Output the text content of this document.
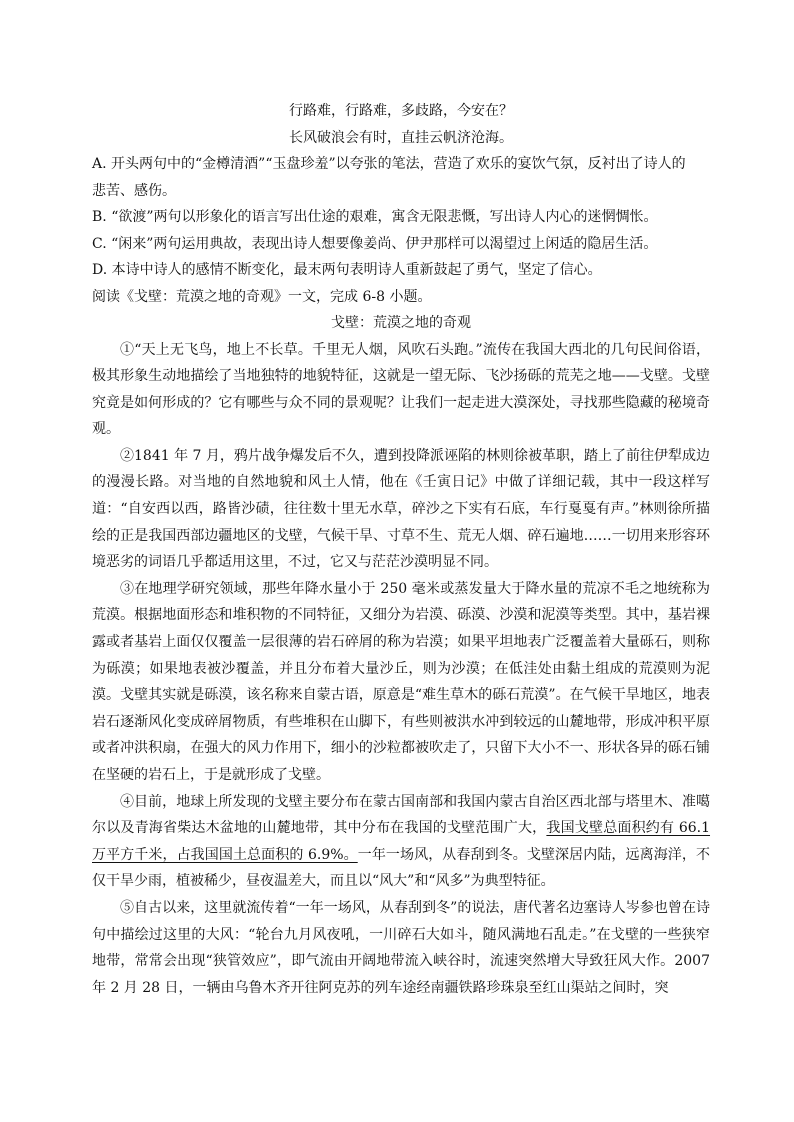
行路难，行路难，多歧路，今安在？

长风破浪会有时，直挂云帆济沧海。

A. 开头两句中的“金樽清酒”“玉盘珍羞”以夸张的笔法，营造了欢乐的宴饮气氛，反衬出了诗人的

悲苦、感伤。

B. “欲渡”两句以形象化的语言写出仕途的艰难，寓含无限悲慨，写出诗人内心的迷惘惆怅。

C. “闲来”两句运用典故，表现出诗人想要像姜尚、伊尹那样可以渴望过上闲适的隐居生活。

D. 本诗中诗人的感情不断变化，最末两句表明诗人重新鼓起了勇气，坚定了信心。

阅读《戈壁：荒漠之地的奇观》一文，完成 6-8 小题。

戈壁：荒漠之地的奇观

①“天上无飞鸟，地上不长草。千里无人烟，风吹石头跑。”流传在我国大西北的几句民间俗语，极其形象生动地描绘了当地独特的地貌特征，这就是一望无际、飞沙扬砾的荒芜之地——戈壁。戈壁究竟是如何形成的？它有哪些与众不同的景观呢？让我们一起走进大漠深处，寻找那些隐藏的秘境奇观。

②1841 年 7 月，鸦片战争爆发后不久，遭到投降派诬陷的林则徐被革职，踏上了前往伊犁成边的漫漫长路。对当地的自然地貌和风土人情，他在《壬寅日记》中做了详细记载，其中一段这样写道：“自安西以西，路皆沙碛，往往数十里无水草，碎沙之下实有石底，车行戛戛有声。”林则徐所描绘的正是我国西部边疆地区的戈壁，气候干旱、寸草不生、荒无人烟、碎石遍地……一切用来形容环境恶劣的词语几乎都适用这里，不过，它又与茫茫沙漠明显不同。

③在地理学研究领域，那些年降水量小于 250 毫米或蒸发量大于降水量的荒凉不毛之地统称为荒漠。根据地面形态和堆积物的不同特征，又细分为岩漠、砾漠、沙漠和泥漠等类型。其中，基岩裸露或者基岩上面仅仅覆盖一层很薄的岩石碎屑的称为岩漠；如果平坦地表广泛覆盖着大量砾石，则称为砾漠；如果地表被沙覆盖，并且分布着大量沙丘，则为沙漠；在低洼处由黏土组成的荒漠则为泥漠。戈壁其实就是砾漠，该名称来自蒙古语，原意是“难生草木的砾石荒漠”。在气候干旱地区，地表岩石逐渐风化变成碎屑物质，有些堆积在山脚下，有些则被洪水冲到较远的山麓地带，形成冲积平原或者冲洪积扇，在强大的风力作用下，细小的沙粒都被吹走了，只留下大小不一、形状各异的砾石铺在坚硬的岩石上，于是就形成了戈壁。

④目前，地球上所发现的戈壁主要分布在蒙古国南部和我国内蒙古自治区西北部与塔里木、准噶尔以及青海省柴达木盆地的山麓地带，其中分布在我国的戈壁范围广大，我国戈壁总面积约有 66.1 万平方千米，占我国国土总面积的 6.9%。一年一场风，从春刮到冬。戈壁深居内陆，远离海洋，不仅干旱少雨，植被稀少，昼夜温差大，而且以“风大”和“风多”为典型特征。

⑤自古以来，这里就流传着“一年一场风，从春刮到冬”的说法，唐代著名边塞诗人岑参也曾在诗句中描绘过这里的大风：“轮台九月风夜吼，一川碎石大如斗，随风满地石乱走。”在戈壁的一些狭窄地带，常常会出现“狭管效应”，即气流由开阔地带流入峡谷时，流速突然增大导致狂风大作。2007 年 2 月 28 日，一辆由乌鲁木齐开往阿克苏的列车途经南疆铁路珍珠泉至红山渠站之间时，突
